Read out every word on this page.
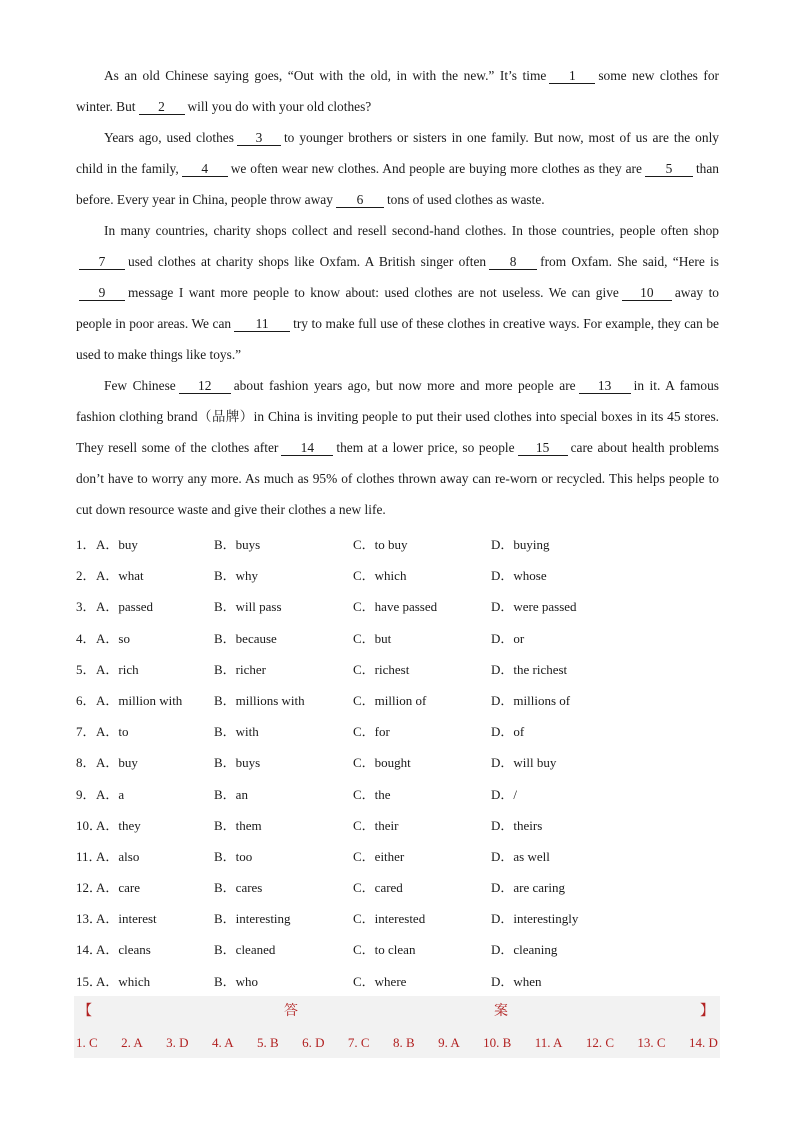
As an old Chinese saying goes, “Out with the old, in with the new.” It’s time 1 some new clothes for winter. But 2 will you do with your old clothes?

Years ago, used clothes 3 to younger brothers or sisters in one family. But now, most of us are the only child in the family, 4 we often wear new clothes. And people are buying more clothes as they are 5 than before. Every year in China, people throw away 6 tons of used clothes as waste.

In many countries, charity shops collect and resell second-hand clothes. In those countries, people often shop7 used clothes at charity shops like Oxfam. A British singer often 8 from Oxfam. She said, “Here is9 message I want more people to know about: used clothes are not useless. We can give 10 away to people in poor areas. We can 11 try to make full use of these clothes in creative ways. For example, they can be used to make things like toys.”

Few Chinese 12 about fashion years ago, but now more and more people are 13 in it. A famous fashion clothing brand（品牌）in China is inviting people to put their used clothes into special boxes in its 45 stores. They resell some of the clothes after 14 them at a lower price, so people 15 care about health problems don’t have to worry any more. As much as 95% of clothes thrown away can re-worn or recycled. This helps people to cut down resource waste and give their clothes a new life.

1． A．buy	B．buys	C．to buy	D．buying
2． A．what	B．why	C．which	D．whose
3． A．passed	B．will pass	C．have passed	D．were passed
4． A．so	B．because	C．but	D．or
5． A．rich	B．richer	C．richest	D．the richest
6． A．million with B．millions with	C．million of	D．millions of
7． A．to	B．with	C．for	D．of
8． A．buy	B．buys	C．bought	D．will buy
9． A．a	B．an	C．the	D．/
10．
A．they	B．them	C．their	D．theirs
11．
A．also	B．too	C．either	D．as well
12．
A．care	B．cares	C．cared	D．are caring
13．
A．interest	B．interesting	C．interested	D．interestingly
14．
A．cleans	B．cleaned	C．to clean	D．cleaning
15．
A．which	B．who	C．where	D．when
【	答	案	】
1. C 2. A 3. D 4. A 5. B 6. D 7. C 8. B 9. A 10. B 11. A 12. C 13. C 14. D
